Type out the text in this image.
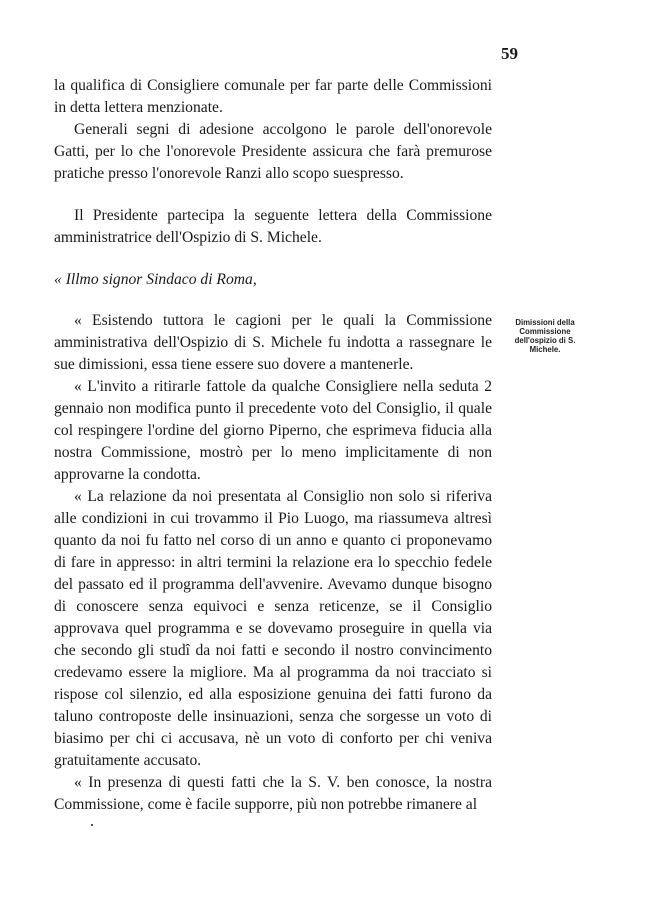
59

la qualifica di Consigliere comunale per far parte delle Commissioni in detta lettera menzionate.

Generali segni di adesione accolgono le parole dell'onorevole Gatti, per lo che l'onorevole Presidente assicura che farà premurose pratiche presso l'onorevole Ranzi allo scopo suespresso.

Il Presidente partecipa la seguente lettera della Commissione amministratrice dell'Ospizio di S. Michele.

« Illmo signor Sindaco di Roma,

« Esistendo tuttora le cagioni per le quali la Commissione amministrativa dell'Ospizio di S. Michele fu indotta a rassegnare le sue dimissioni, essa tiene essere suo dovere a mantenerle.

« L'invito a ritirarle fattole da qualche Consigliere nella seduta 2 gennaio non modifica punto il precedente voto del Consiglio, il quale col respingere l'ordine del giorno Piperno, che esprimeva fiducia alla nostra Commissione, mostrò per lo meno implicitamente di non approvarne la condotta.

« La relazione da noi presentata al Consiglio non solo si riferiva alle condizioni in cui trovammo il Pio Luogo, ma riassumeva altresì quanto da noi fu fatto nel corso di un anno e quanto ci proponevamo di fare in appresso: in altri termini la relazione era lo specchio fedele del passato ed il programma dell'avvenire. Avevamo dunque bisogno di conoscere senza equivoci e senza reticenze, se il Consiglio approvava quel programma e se dovevamo proseguire in quella via che secondo gli studî da noi fatti e secondo il nostro convincimento credevamo essere la migliore. Ma al programma da noi tracciato si rispose col silenzio, ed alla esposizione genuina dei fatti furono da taluno controposte delle insinuazioni, senza che sorgesse un voto di biasimo per chi ci accusava, nè un voto di conforto per chi veniva gratuitamente accusato.

« In presenza di questi fatti che la S. V. ben conosce, la nostra Commissione, come è facile supporre, più non potrebbe rimanere al

Dimissioni della Commissione dell'ospizio di S. Michele.
